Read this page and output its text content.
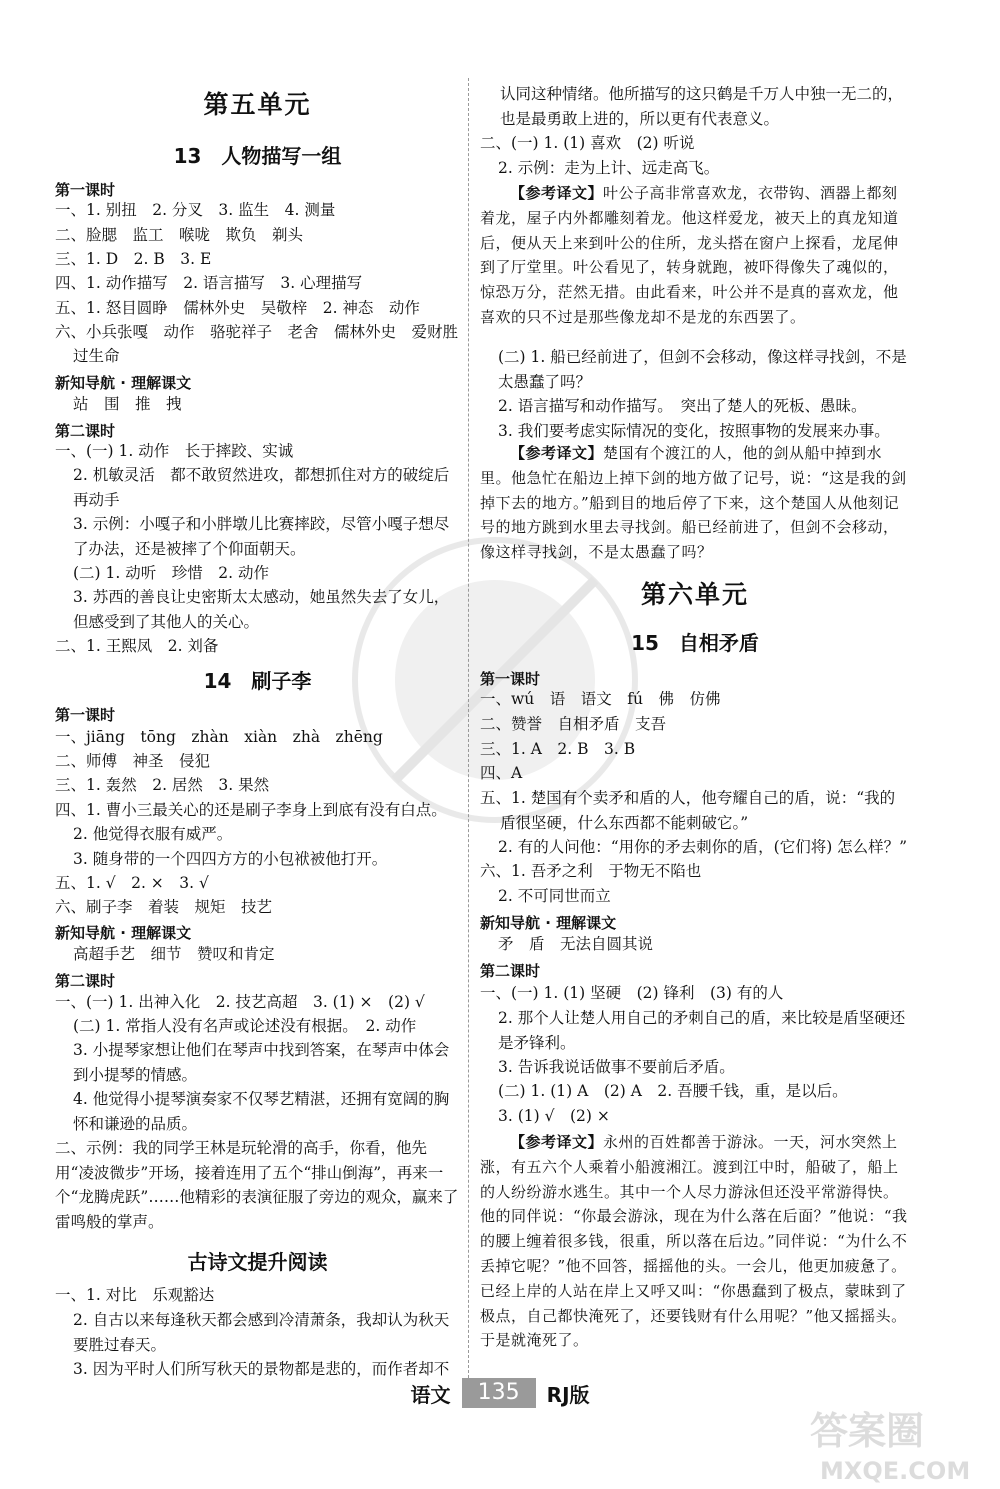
第五单元
13　人物描写一组
第一课时
一、1. 别扭　2. 分叉　3. 监生　4. 测量
二、脸腮　监工　喉咙　欺负　剃头
三、1. D　2. B　3. E
四、1. 动作描写　2. 语言描写　3. 心理描写
五、1. 怒目圆睁　儒林外史　吴敬梓　2. 神态　动作
六、小兵张嘎　动作　骆驼祥子　老舍　儒林外史　爱财胜
过生命
新知导航 · 理解课文
站　围　推　拽
第二课时
一、(一) 1. 动作　长于摔跤、实诚
2. 机敏灵活　都不敢贸然进攻，都想抓住对方的破绽后再动手
3. 示例：小嘎子和小胖墩儿比赛摔跤，尽管小嘎子想尽了办法，还是被摔了个仰面朝天。
(二) 1. 动听　珍惜　2. 动作
3. 苏西的善良让史密斯太太感动，她虽然失去了女儿，但感受到了其他人的关心。
二、1. 王熙凤　2. 刘备
14　刷子李
第一课时
一、jiāng　tōng　zhàn　xiàn　zhà　zhēng
二、师傅　神圣　侵犯
三、1. 轰然　2. 居然　3. 果然
四、1. 曹小三最关心的还是刷子李身上到底有没有白点。
2. 他觉得衣服有威严。
3. 随身带的一个四四方方的小包袱被他打开。
五、1. √　2. ×　3. √
六、刷子李　着装　规矩　技艺
新知导航 · 理解课文
高超手艺　细节　赞叹和肯定
第二课时
一、(一) 1. 出神入化　2. 技艺高超　3. (1) ×　(2) √
(二) 1. 常指人没有名声或论述没有根据。　2. 动作
3. 小提琴家想让他们在琴声中找到答案，在琴声中体会到小提琴的情感。
4. 他觉得小提琴演奏家不仅琴艺精湛，还拥有宽阔的胸怀和谦逊的品质。
二、示例：我的同学王林是玩轮滑的高手，你看，他先用“凌波微步”开场，接着连用了五个“排山倒海”，再来一个“龙腾虎跃”……他精彩的表演征服了旁边的观众，赢来了雷鸣般的掌声。
古诗文提升阅读
一、1. 对比　乐观豁达
2. 自古以来每逢秋天都会感到冷清萧条，我却认为秋天要胜过春天。
3. 因为平时人们所写秋天的景物都是悲的，而作者却不
认同这种情绪。他所描写的这只鹤是千万人中独一无二的，也是最勇敢上进的，所以更有代表意义。
二、(一) 1. (1) 喜欢　(2) 听说
2. 示例：走为上计、远走高飞。
【参考译文】叶公子高非常喜欢龙，衣带钩、酒器上都刻着龙，屋子内外都雕刻着龙。他这样爱龙，被天上的真龙知道后，便从天上来到叶公的住所，龙头搭在窗户上探看，龙尾伸到了厅堂里。叶公看见了，转身就跑，被吓得像失了魂似的，惊恐万分，茫然无措。由此看来，叶公并不是真的喜欢龙，他喜欢的只不过是那些像龙却不是龙的东西罢了。
(二) 1. 船已经前进了，但剑不会移动，像这样寻找剑，不是太愚蠢了吗？
2. 语言描写和动作描写。　突出了楚人的死板、愚昧。
3. 我们要考虑实际情况的变化，按照事物的发展来办事。
【参考译文】楚国有个渡江的人，他的剑从船中掉到水里。他急忙在船边上掉下剑的地方做了记号，说：“这是我的剑掉下去的地方。”船到目的地后停了下来，这个楚国人从他刻记号的地方跳到水里去寻找剑。船已经前进了，但剑不会移动，像这样寻找剑，不是太愚蠢了吗？
第六单元
15　自相矛盾
第一课时
一、wú　语　语文　fú　佛　仿佛
二、赞誉　自相矛盾　支吾
三、1. A　2. B　3. B
四、A
五、1. 楚国有个卖矛和盾的人，他夸耀自己的盾，说：“我的盾很坚硬，什么东西都不能刺破它。”
2. 有的人问他：“用你的矛去刺你的盾，(它们将) 怎么样？”
六、1. 吾矛之利　于物无不陷也
2. 不可同世而立
新知导航 · 理解课文
矛　盾　无法自圆其说
第二课时
一、(一) 1. (1) 坚硬　(2) 锋利　(3) 有的人
2. 那个人让楚人用自己的矛刺自己的盾，来比较是盾坚硬还是矛锋利。
3. 告诉我说话做事不要前后矛盾。
(二) 1. (1) A　(2) A　2. 吾腰千钱，重，是以后。
3. (1) √　(2) ×
【参考译文】永州的百姓都善于游泳。一天，河水突然上涨，有五六个人乘着小船渡湘江。渡到江中时，船破了，船上的人纷纷游水逃生。其中一个人尽力游泳但还没平常游得快。他的同伴说：“你最会游泳，现在为什么落在后面？”他说：“我的腰上缠着很多钱，很重，所以落在后边。”同伴说：“为什么不丢掉它呢？”他不回答，摇摇他的头。一会儿，他更加疲惫了。已经上岸的人站在岸上又呼又叫：“你愚蠢到了极点，蒙昧到了极点，自己都快淹死了，还要钱财有什么用呢？”他又摇摇头。于是就淹死了。
语文 135 RJ版
答案圈
MXQE.COM
